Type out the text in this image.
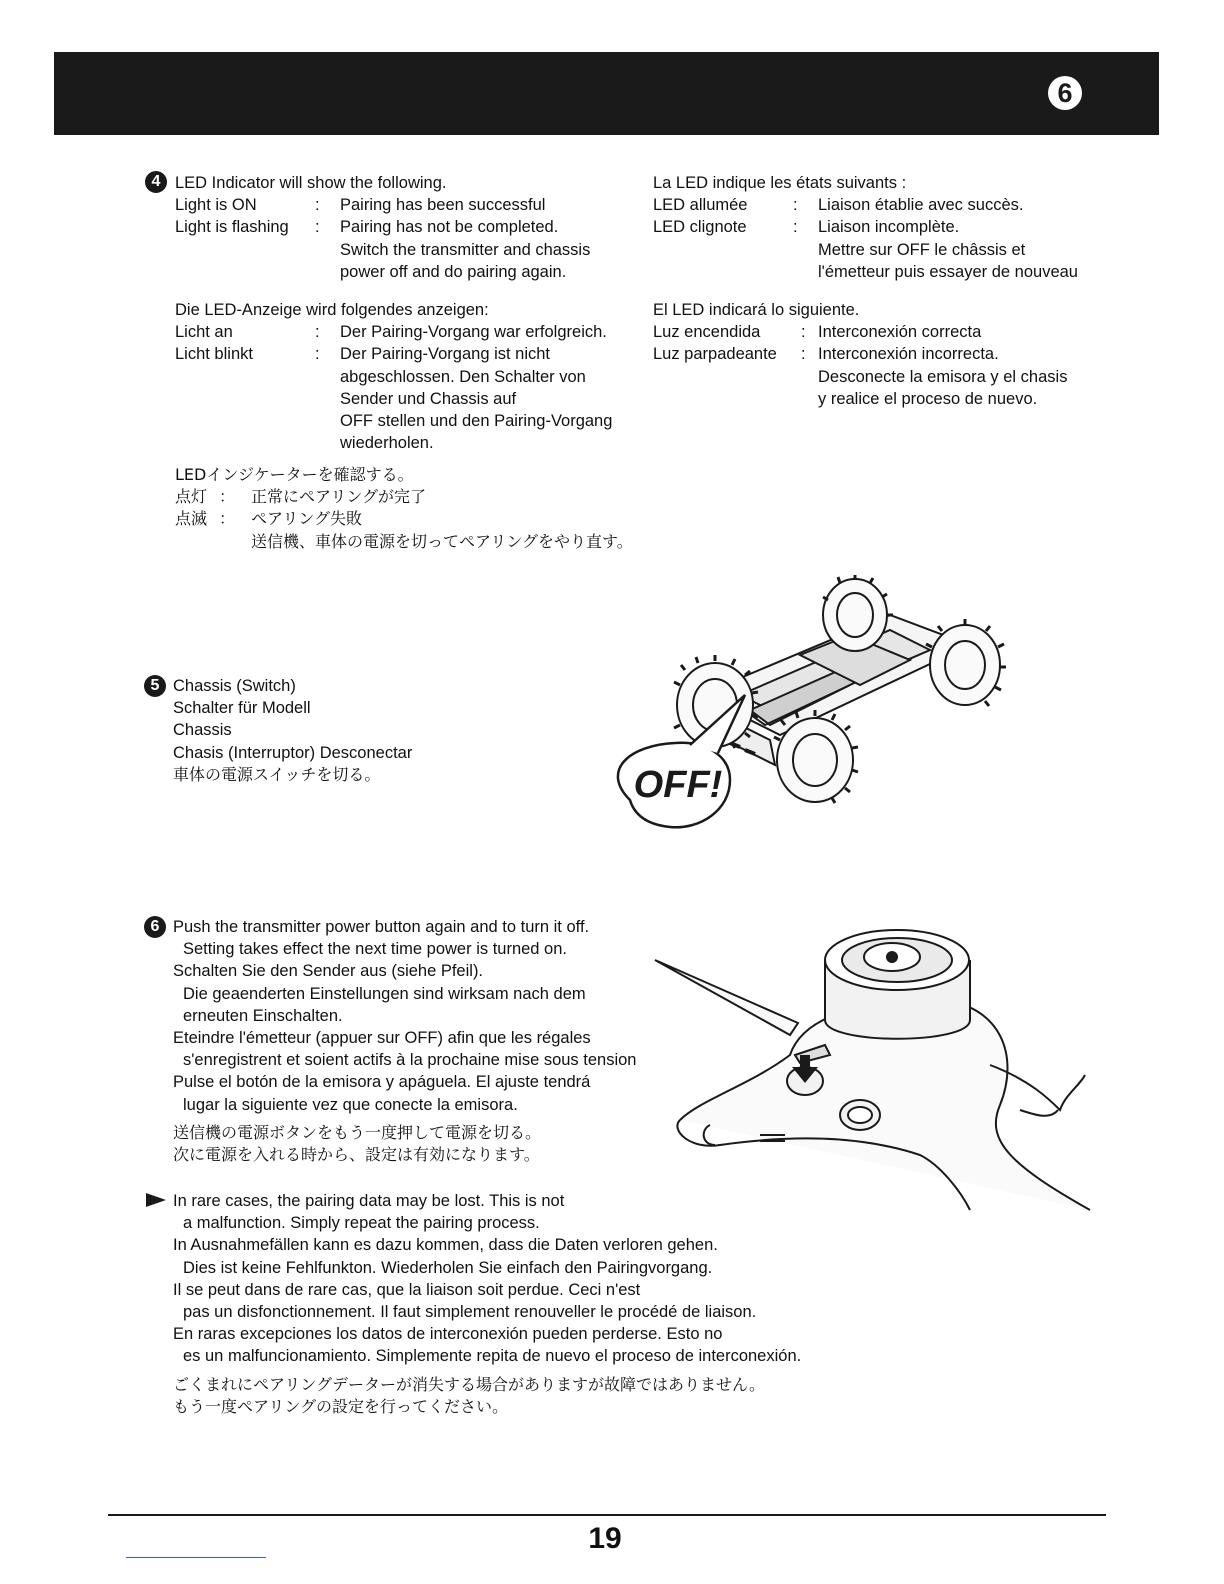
6
4 LED Indicator will show the following.
Light is ON	: Pairing has been successful
Light is flashing : Pairing has not be completed.
Switch the transmitter and chassis
power off and do pairing again.
La LED indique les états suivants :
LED allumée	: Liaison établie avec succès.
LED clignote	: Liaison incomplète.
Mettre sur OFF le châssis et
l'émetteur puis essayer de nouveau
Die LED-Anzeige wird folgendes anzeigen:
Licht an	: Der Pairing-Vorgang war erfolgreich.
Licht blinkt	: Der Pairing-Vorgang ist nicht
abgeschlossen. Den Schalter von
Sender und Chassis auf
OFF stellen und den Pairing-Vorgang
wiederholen.
El LED indicará lo siguiente.
Luz encendida : Interconexión correcta
Luz parpadeante : Interconexión incorrecta.
Desconecte la emisora y el chasis
y realice el proceso de nuevo.
LEDインジケーターを確認する。
点灯 ： 正常にペアリングが完了
点滅 ： ペアリング失敗
送信機、車体の電源を切ってペアリングをやり直す。
5 Chassis (Switch)
Schalter für Modell
Chassis
Chasis (Interruptor) Desconectar
車体の電源スイッチを切る。	OFF!
6 Push the transmitter power button again and to turn it off.
Setting takes effect the next time power is turned on.
Schalten Sie den Sender aus (siehe Pfeil).
Die geaenderten Einstellungen sind wirksam nach dem
erneuten Einschalten.
Eteindre l'émetteur (appuer sur OFF) afin que les régales
s'enregistrent et soient actifs à la prochaine mise sous tension
Pulse el botón de la emisora y apáguela. El ajuste tendrá
lugar la siguiente vez que conecte la emisora.
送信機の電源ボタンをもう一度押して電源を切る。
次に電源を入れる時から、設定は有効になります。
In rare cases, the pairing data may be lost. This is not
a malfunction. Simply repeat the pairing process.
In Ausnahmefällen kann es dazu kommen, dass die Daten verloren gehen.
Dies ist keine Fehlfunkton. Wiederholen Sie einfach den Pairingvorgang.
Il se peut dans de rare cas, que la liaison soit perdue. Ceci n'est
pas un disfonctionnement. Il faut simplement renouveller le procédé de liaison.
En raras excepciones los datos de interconexión pueden perderse. Esto no
es un malfuncionamiento. Simplemente repita de nuevo el proceso de interconexión.
ごくまれにペアリングデーターが消失する場合がありますが故障ではありません。
もう一度ペアリングの設定を行ってください。
19
